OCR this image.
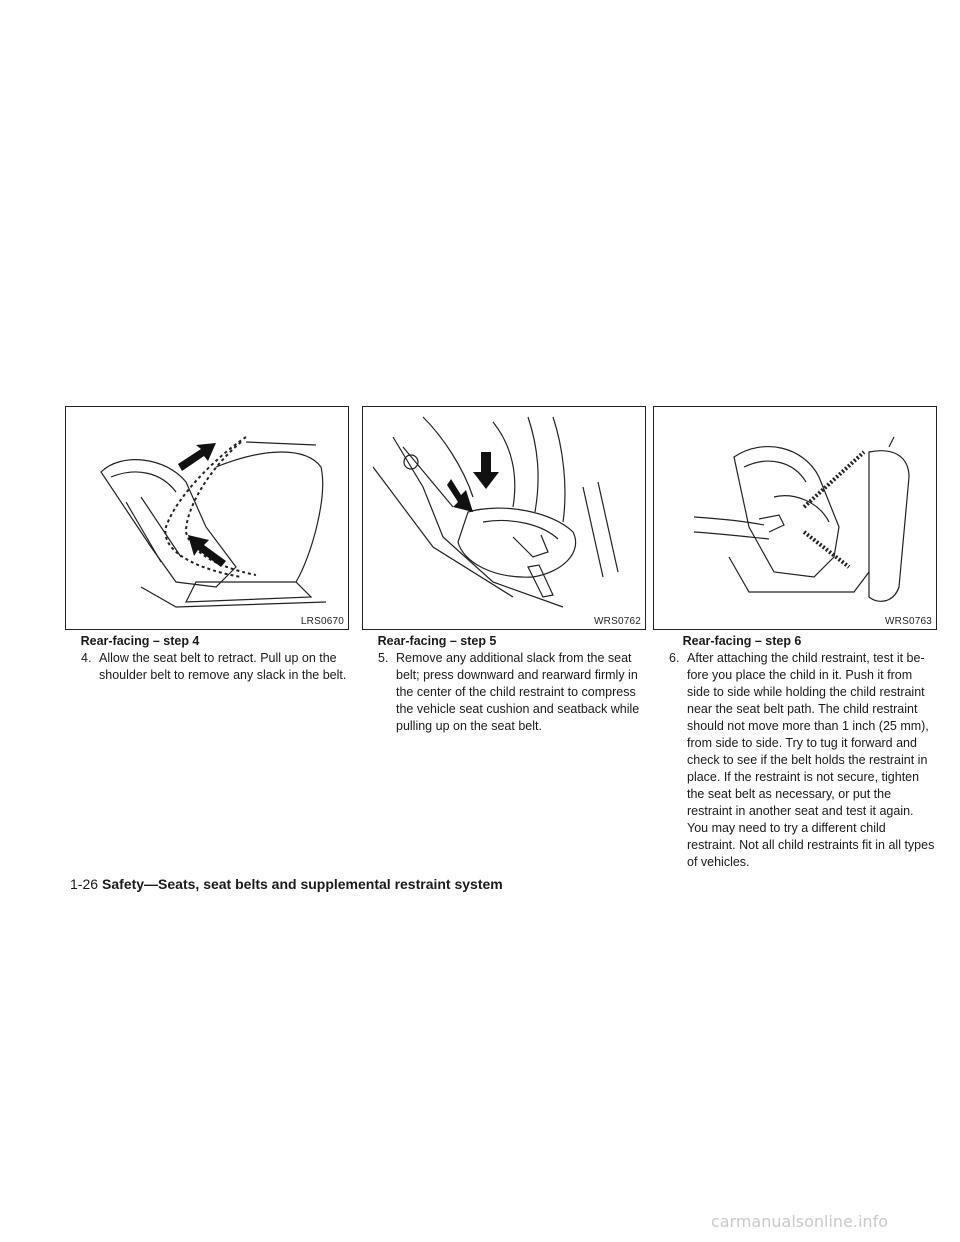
LRS0670
Rear-facing – step 4
4. Allow the seat belt to retract. Pull up on the shoulder belt to remove any slack in the belt.
WRS0762
Rear-facing – step 5
5. Remove any additional slack from the seat belt; press downward and rearward firmly in the center of the child restraint to compress the vehicle seat cushion and seatback while pulling up on the seat belt.
WRS0763
Rear-facing – step 6
6. After attaching the child restraint, test it be-fore you place the child in it. Push it from side to side while holding the child restraint near the seat belt path. The child restraint should not move more than 1 inch (25 mm), from side to side. Try to tug it forward and check to see if the belt holds the restraint in place. If the restraint is not secure, tighten the seat belt as necessary, or put the restraint in another seat and test it again. You may need to try a different child restraint. Not all child restraints fit in all types of vehicles.
1-26 Safety—Seats, seat belts and supplemental restraint system
carmanualsonline.info
